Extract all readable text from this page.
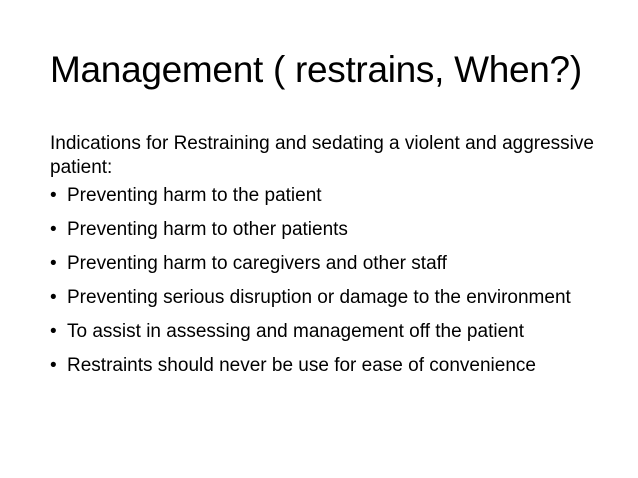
Management ( restrains, When?)

Indications for Restraining and sedating a violent and aggressive patient:

• Preventing harm to the patient
• Preventing harm to other patients
• Preventing harm to caregivers and other staff
• Preventing serious disruption or damage to the environment
• To assist in assessing and management off the patient
• Restraints should never be use for ease of convenience
